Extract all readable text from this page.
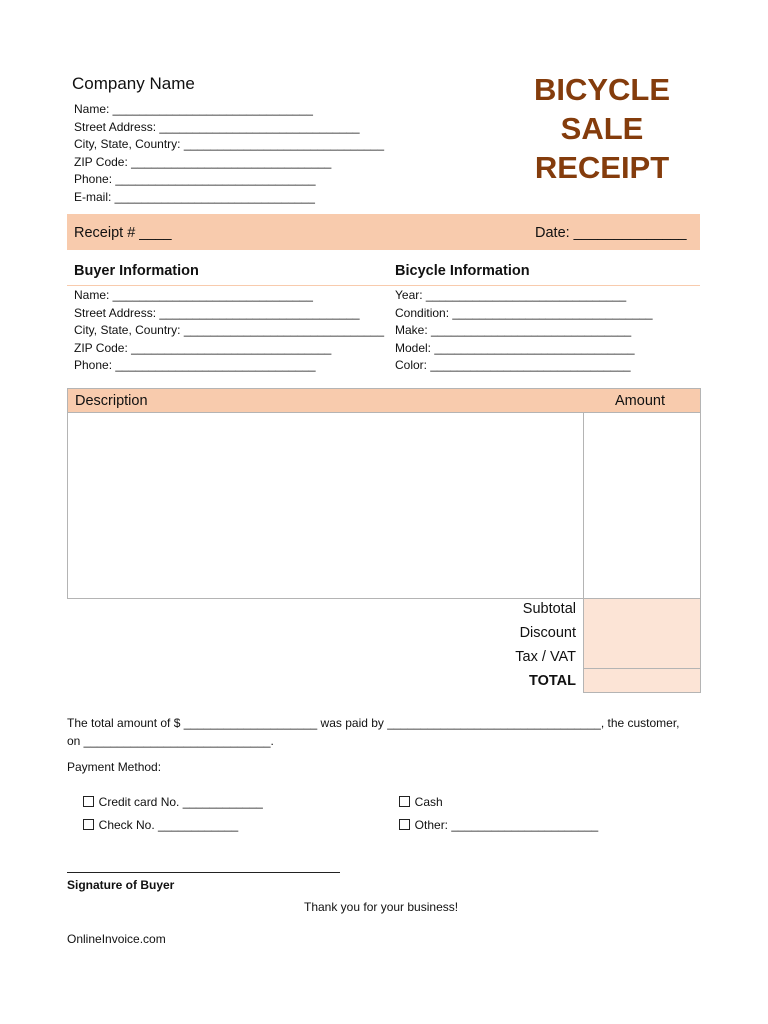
Company Name
Name: ______________________________
Street Address: ______________________________
City, State, Country: ______________________________
ZIP Code: ______________________________
Phone: ______________________________
E-mail: ______________________________
BICYCLE SALE RECEIPT
Receipt # ____	Date: ______________
Buyer Information	Bicycle Information
Name: ______________________________
Street Address: ______________________________
City, State, Country: ______________________________
ZIP Code: ______________________________
Phone: ______________________________
Year: ______________________________
Condition: ______________________________
Make: ______________________________
Model: ______________________________
Color: ______________________________
Description	Amount
Subtotal
Discount
Tax / VAT
TOTAL
The total amount of $ ____________________ was paid by ________________________________, the customer,
on ____________________________.
Payment Method:

Credit card No. ____________

Check No. ____________

Cash

Other: ______________________

Signature of Buyer
Thank you for your business!
OnlineInvoice.com
